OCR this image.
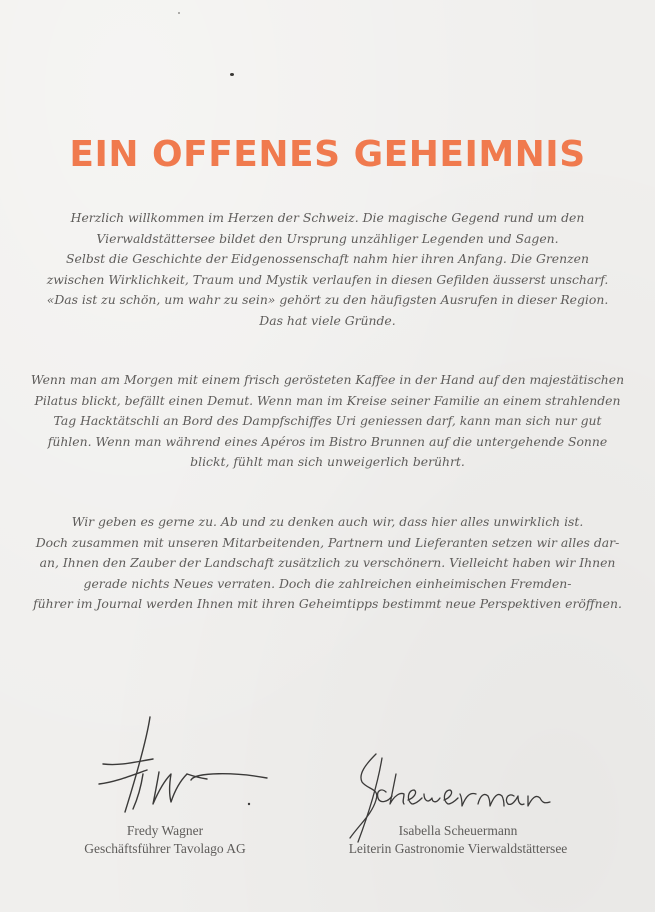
EIN OFFENES GEHEIMNIS
Herzlich willkommen im Herzen der Schweiz. Die magische Gegend rund um den
Vierwaldstättersee bildet den Ursprung unzähliger Legenden und Sagen.
Selbst die Geschichte der Eidgenossenschaft nahm hier ihren Anfang. Die Grenzen
zwischen Wirklichkeit, Traum und Mystik verlaufen in diesen Gefilden äusserst unscharf.
«Das ist zu schön, um wahr zu sein» gehört zu den häufigsten Ausrufen in dieser Region.
Das hat viele Gründe.
Wenn man am Morgen mit einem frisch gerösteten Kaffee in der Hand auf den majestätischen
Pilatus blickt, befällt einen Demut. Wenn man im Kreise seiner Familie an einem strahlenden
Tag Hacktätschli an Bord des Dampfschiffes Uri geniessen darf, kann man sich nur gut
fühlen. Wenn man während eines Apéros im Bistro Brunnen auf die untergehende Sonne
blickt, fühlt man sich unweigerlich berührt.
Wir geben es gerne zu. Ab und zu denken auch wir, dass hier alles unwirklich ist.
Doch zusammen mit unseren Mitarbeitenden, Partnern und Lieferanten setzen wir alles dar-
an, Ihnen den Zauber der Landschaft zusätzlich zu verschönern. Vielleicht haben wir Ihnen
gerade nichts Neues verraten. Doch die zahlreichen einheimischen Fremden-
führer im Journal werden Ihnen mit ihren Geheimtipps bestimmt neue Perspektiven eröffnen.
Fredy Wagner
Geschäftsführer Tavolago AG
Isabella Scheuermann
Leiterin Gastronomie Vierwaldstättersee
